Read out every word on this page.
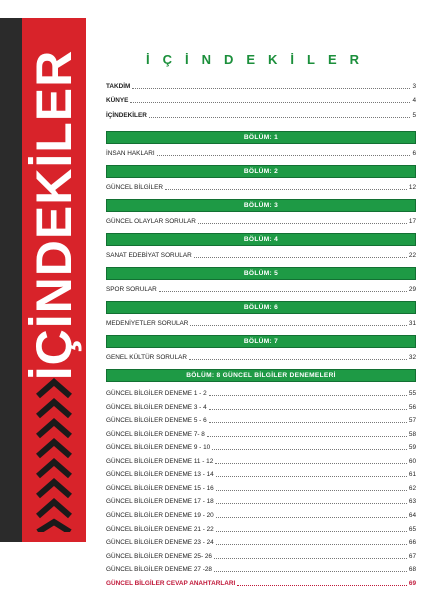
İÇİNDEKİLER	İÇİNDEKİLER
TAKDİM	3
KÜNYE	4
İÇİNDEKİLER	5
BÖLÜM: 1
İNSAN HAKLARI	6
BÖLÜM: 2
GÜNCEL BİLGİLER	12
BÖLÜM: 3
GÜNCEL OLAYLAR SORULAR	17
BÖLÜM: 4
SANAT EDEBİYAT SORULAR	22
BÖLÜM: 5
SPOR SORULAR	29
BÖLÜM: 6
MEDENİYETLER SORULAR	31
BÖLÜM: 7
GENEL KÜLTÜR SORULAR	32
BÖLÜM: 8 GÜNCEL BİLGİLER DENEMELERİ
GÜNCEL BİLGİLER DENEME 1 - 2	55
GÜNCEL BİLGİLER DENEME 3 - 4	56
GÜNCEL BİLGİLER DENEME 5 - 6	57
GÜNCEL BİLGİLER DENEME 7- 8	58
GÜNCEL BİLGİLER DENEME 9 - 10	59
GÜNCEL BİLGİLER DENEME 11 - 12	60
GÜNCEL BİLGİLER DENEME 13 - 14	61
GÜNCEL BİLGİLER DENEME 15 - 16	62
GÜNCEL BİLGİLER DENEME 17 - 18	63
GÜNCEL BİLGİLER DENEME 19 - 20	64
GÜNCEL BİLGİLER DENEME 21 - 22	65
GÜNCEL BİLGİLER DENEME 23 - 24	66
GÜNCEL BİLGİLER DENEME 25- 26	67
GÜNCEL BİLGİLER DENEME 27 -28	68
GÜNCEL BİLGİLER CEVAP ANAHTARLARI	69
